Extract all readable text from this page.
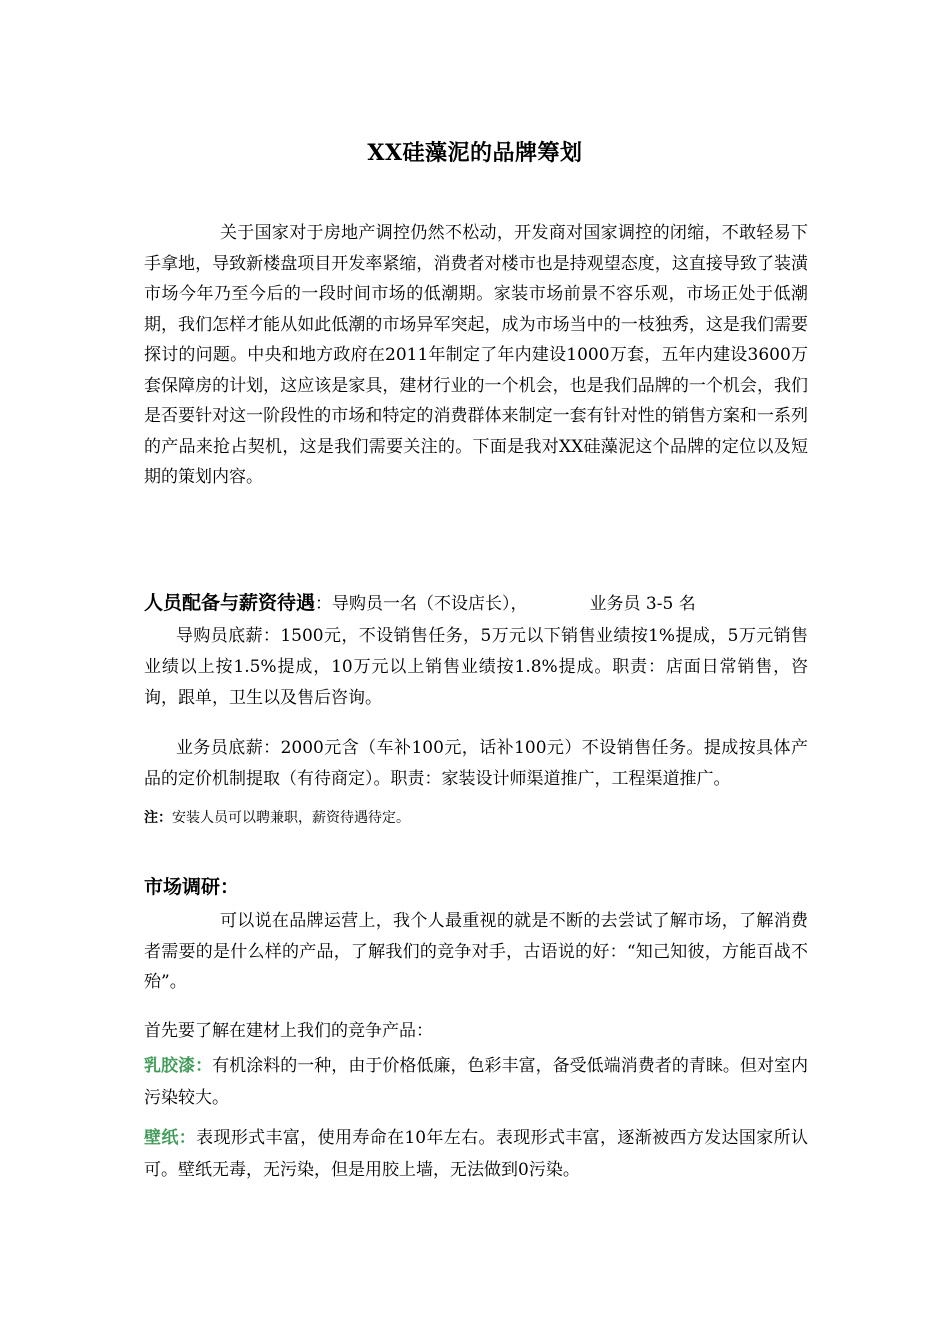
XX硅藻泥的品牌筹划
关于国家对于房地产调控仍然不松动，开发商对国家调控的闭缩，不敢轻易下手拿地，导致新楼盘项目开发率紧缩，消费者对楼市也是持观望态度，这直接导致了装潢市场今年乃至今后的一段时间市场的低潮期。家装市场前景不容乐观，市场正处于低潮期，我们怎样才能从如此低潮的市场异军突起，成为市场当中的一枝独秀，这是我们需要探讨的问题。中央和地方政府在2011年制定了年内建设1000万套，五年内建设3600万套保障房的计划，这应该是家具，建材行业的一个机会，也是我们品牌的一个机会，我们是否要针对这一阶段性的市场和特定的消费群体来制定一套有针对性的销售方案和一系列的产品来抢占契机，这是我们需要关注的。下面是我对XX硅藻泥这个品牌的定位以及短期的策划内容。
人员配备与薪资待遇：导购员一名（不设店长），	业务员 3-5 名
导购员底薪：1500元，不设销售任务，5万元以下销售业绩按1%提成，5万元销售业绩以上按1.5%提成，10万元以上销售业绩按1.8%提成。职责：店面日常销售，咨询，跟单，卫生以及售后咨询。
业务员底薪：2000元含（车补100元，话补100元）不设销售任务。提成按具体产品的定价机制提取（有待商定）。职责：家装设计师渠道推广，工程渠道推广。
注：安装人员可以聘兼职，薪资待遇待定。
市场调研：
可以说在品牌运营上，我个人最重视的就是不断的去尝试了解市场，了解消费者需要的是什么样的产品，了解我们的竞争对手，古语说的好：“知己知彼，方能百战不殆”。
首先要了解在建材上我们的竞争产品：
乳胶漆：有机涂料的一种，由于价格低廉，色彩丰富，备受低端消费者的青睐。但对室内污染较大。
壁纸：表现形式丰富，使用寿命在10年左右。表现形式丰富，逐渐被西方发达国家所认可。壁纸无毒，无污染，但是用胶上墙，无法做到0污染。
